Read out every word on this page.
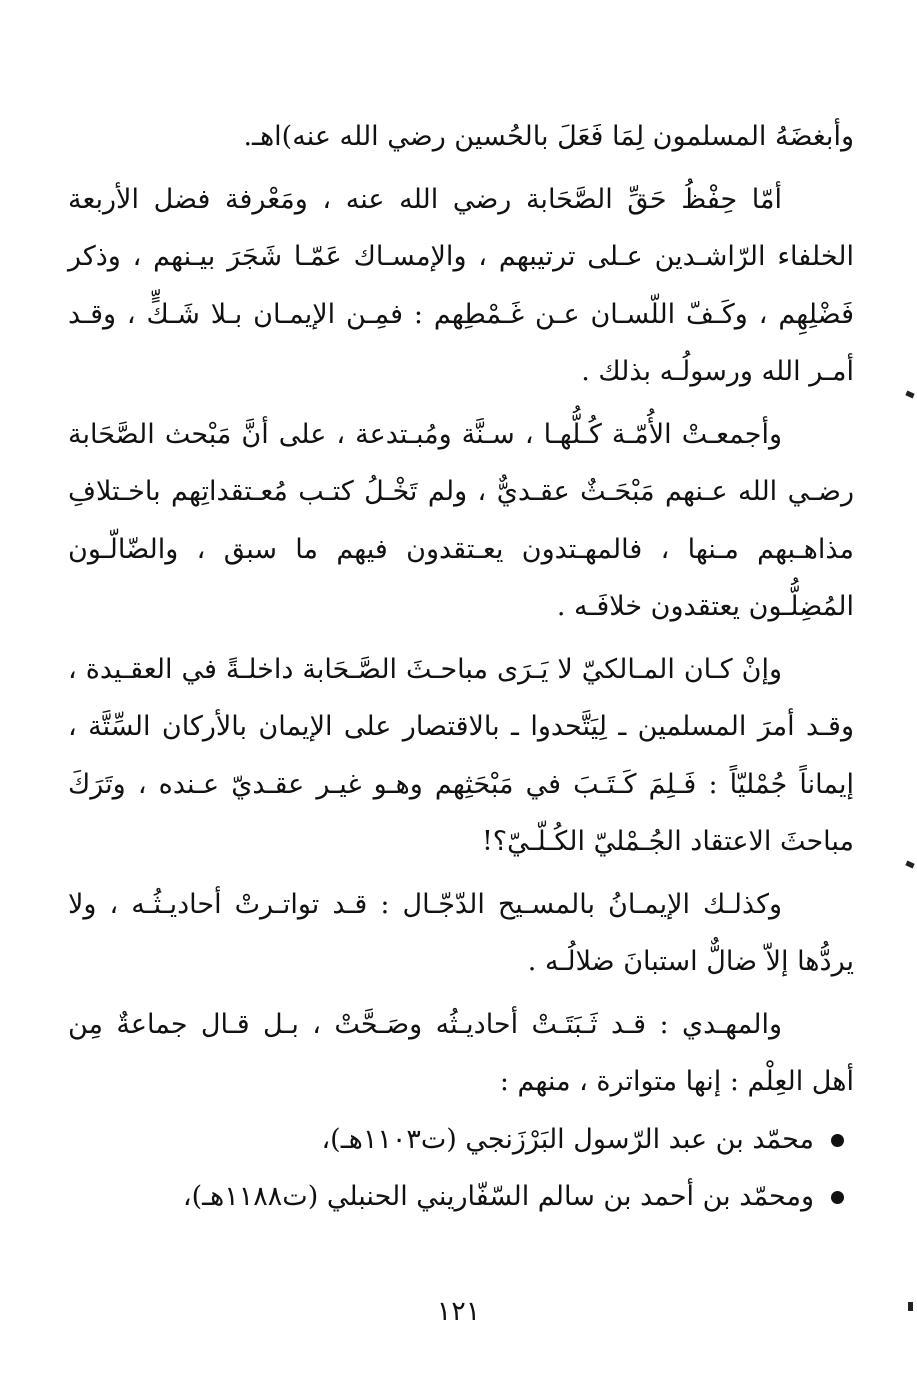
وأبغضَهُ المسلمون لِمَا فَعَلَ بالحُسين رضي الله عنه)اهـ.

أمّا حِفْظُ حَقِّ الصَّحَابة رضي الله عنه ، ومَعْرفة فضل الأربعة الخلفاء الرّاشـدين عـلى ترتيبهم ، والإمسـاك عَمّـا شَجَرَ بيـنهم ، وذكر فَضْلِهِم ، وكَـفّ اللّسـان عـن غَـمْطِهم : فمِـن الإيمـان بـلا شَـكٍّ ، وقـد أمـر الله ورسولُـه بذلك .

وأجمعـتْ الأُمّـة كُـلُّهـا ، سـنَّة ومُبـتدعة ، على أنَّ مَبْحث الصَّحَابة رضـي الله عـنهم مَبْحَـثٌ عقـديٌّ ، ولم تَخْـلُ كتـب مُعـتقداتِهم باخـتلافِ مذاهـبهم مـنها ، فالمهـتدون يعـتقدون فيهم ما سبق ، والضّالّـون المُضِلُّـون يعتقدون خلافَـه .

وإنْ كـان المـالكيّ لا يَـرَى مباحـثَ الصَّـحَابة داخلـةً في العقـيدة ، وقـد أمرَ المسلمين ـ لِيَتَّحدوا ـ بالاقتصار على الإيمان بالأركان السِّتَّة ، إيماناً جُمْليّاً : فَـلِمَ كَـتَـبَ في مَبْحَثِهم وهـو غيـر عقـديّ عـنده ، وتَرَكَ مباحثَ الاعتقاد الجُـمْليّ الكُـلّـيّ؟!

وكذلـك الإيمـانُ بالمسـيح الدّجّـال : قـد تواتـرتْ أحاديـثُـه ، ولا يردُّها إلاّ ضالٌّ استبانَ ضلالُـه .

والمهـدي : قـد ثَـبَتَـتْ أحاديـثُه وصَـحَّتْ ، بـل قـال جماعةٌ مِن أهل العِلْم : إنها متواترة ، منهم :

محمّد بن عبد الرّسول البَرْزَنجي (ت١١٠٣هـ)،
ومحمّد بن أحمد بن سالم السّفّاريني الحنبلي (ت١١٨٨هـ)،
١٢١
